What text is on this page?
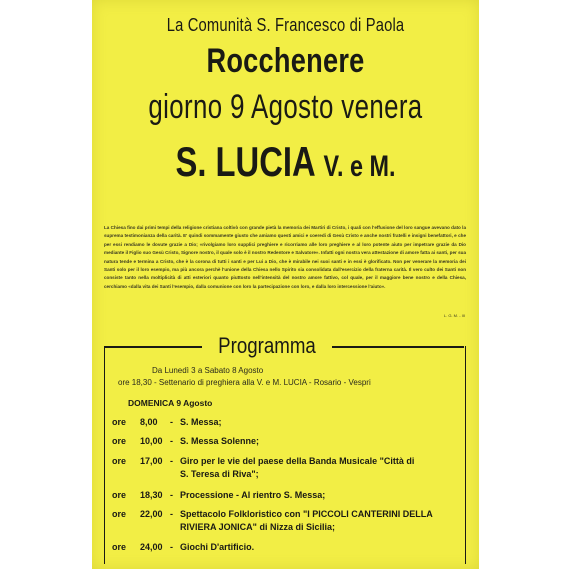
La Comunità S. Francesco di Paola
Rocchenere
giorno 9 Agosto venera
S. LUCIA V. e M.
La Chiesa fino dai primi tempi della religione cristiana coltivò con grande pietà la memoria dei Martiri di Cristo, i quali con l'effusione del loro sangue avevano dato la suprema testimonianza della carità. E' quindi sommamente giusto che amiamo questi amici e coeredi di Gesù Cristo e anche nostri fratelli e insigni benefattori, e che per essi rendiamo le dovute grazie a Dio; «rivolgiamo loro supplici preghiere e ricorriamo alle loro preghiere e al loro potente aiuto per impetrare grazie da Dio mediante il Figlio suo Gesù Cristo, Signore nostro, il quale solo è il nostro Redentore e Salvatore». Infatti ogni nostra vera attestazione di amore fatta ai santi, per sua natura tende e termina a Cristo, che è la corona di tutti i santi e per Lui a Dio, che è mirabile nei suoi santi e in essi è glorificato. Non per venerare la memoria dei Santi solo per il loro esempio, ma più ancora perchè l'unione della Chiesa nello Spirito sia consolidata dall'esercizio della fraterna carità. Il vero culto dei Santi non consiste tanto nella moltiplicità di atti esteriori quanto piuttosto nell'intensità del nostro amore fattivo, col quale, per il maggiore bene nostro e della Chiesa, cerchiamo «dalla vita dei Santi l'esempio, dalla comunione con loro la partecipazione con loro, e dalla loro intercessione l'aiuto».
L. G. M. - III
Programma
Da Lunedì 3 a Sabato 8 Agosto
ore 18,30 - Settenario di preghiera alla V. e M. LUCIA - Rosario - Vespri
DOMENICA 9 Agosto
ore 8,00 - S. Messa;
ore 10,00 - S. Messa Solenne;
ore 17,00 - Giro per le vie del paese della Banda Musicale "Città di
S. Teresa di Riva";
ore 18,30 - Processione - Al rientro S. Messa;
ore 22,00 - Spettacolo Folkloristico con "I PICCOLI CANTERINI DELLA
RIVIERA JONICA" di Nizza di Sicilia;
ore 24,00 - Giochi D'artificio.
